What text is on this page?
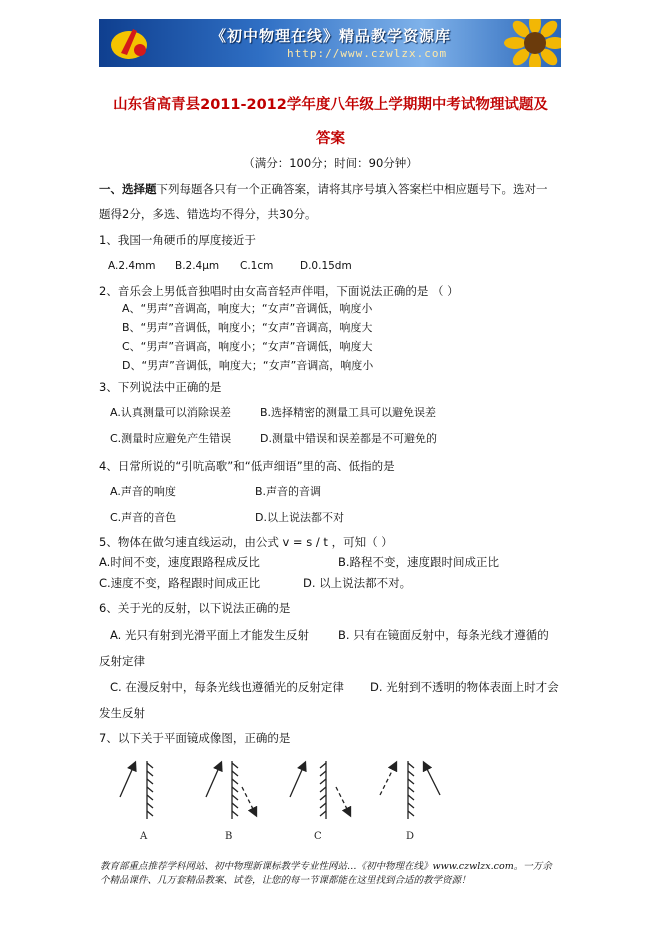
《初中物理在线》精品教学资源库
http://www.czwlzx.com
山东省高青县2011-2012学年度八年级上学期期中考试物理试题及
答案
（满分：100分；时间：90分钟）
一、选择题下列每题各只有一个正确答案，请将其序号填入答案栏中相应题号下。选对一
题得2分，多选、错选均不得分，共30分。
1、我国一角硬币的厚度接近于
A.2.4mm B.2.4μm C.1cm	D.0.15dm
2、音乐会上男低音独唱时由女高音轻声伴唱，下面说法正确的是 （ ）
A、“男声”音调高，响度大；“女声”音调低，响度小
B、“男声”音调低，响度小；“女声”音调高，响度大
C、“男声”音调高，响度小；“女声”音调低，响度大
D、“男声”音调低，响度大；“女声”音调高，响度小
3、下列说法中正确的是
A.认真测量可以消除误差	B.选择精密的测量工具可以避免误差
C.测量时应避免产生错误	D.测量中错误和误差都是不可避免的
4、日常所说的“引吭高歌”和“低声细语”里的高、低指的是
A.声音的响度	B.声音的音调
C.声音的音色	D.以上说法都不对
5、物体在做匀速直线运动，由公式 v = s / t ，可知（ ）
A.时间不变，速度跟路程成反比	B.路程不变，速度跟时间成正比
C.速度不变，路程跟时间成正比	D. 以上说法都不对。
6、关于光的反射，以下说法正确的是
A. 光只有射到光滑平面上才能发生反射	B. 只有在镜面反射中，每条光线才遵循的
反射定律
C. 在漫反射中，每条光线也遵循光的反射定律 D. 光射到不透明的物体表面上时才会
发生反射
7、以下关于平面镜成像图，正确的是
A	B	C	D
教育部重点推荐学科网站、初中物理新课标教学专业性网站…《初中物理在线》www.czwlzx.com。一万余
个精品课件、几万套精品教案、试卷，让您的每一节课都能在这里找到合适的教学资源！
